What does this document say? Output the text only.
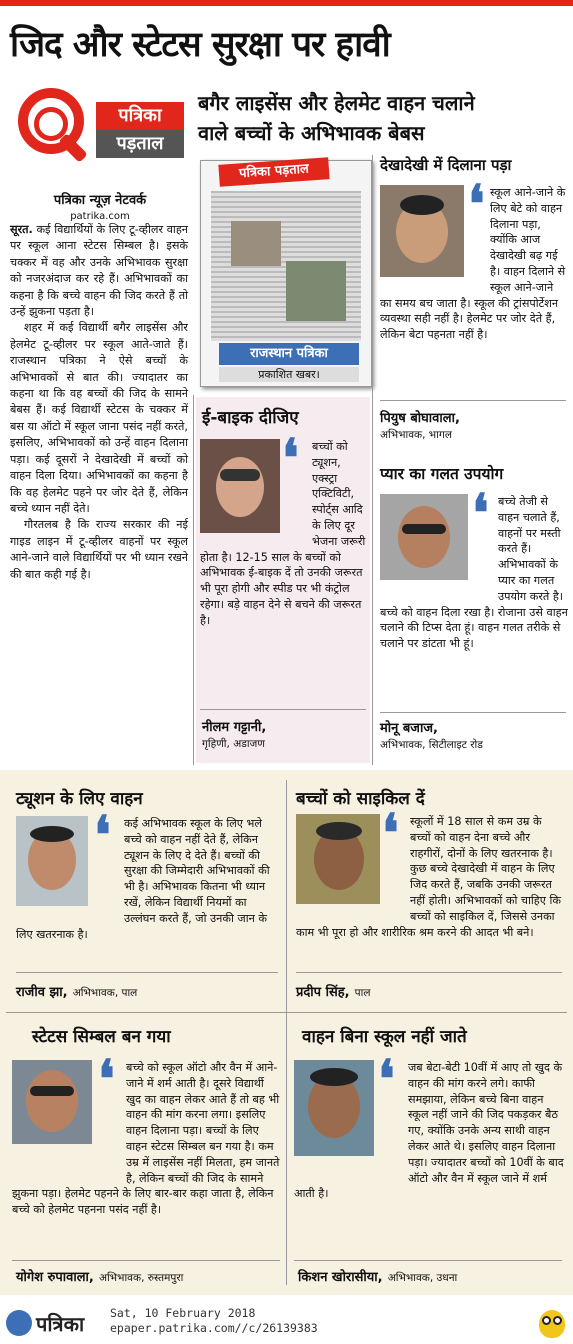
जिद और स्टेटस सुरक्षा पर हावी
पत्रिका
पड़ताल
बगैर लाइसेंस और हेलमेट वाहन चलाने
वाले बच्चों के अभिभावक बेबस
पत्रिका न्यूज़ नेटवर्क
patrika.com

सूरत. कई विद्यार्थियों के लिए टू-व्हीलर वाहन पर स्कूल आना स्टेटस सिम्बल है। इसके चक्कर में वह और उनके अभिभावक सुरक्षा को नजरअंदाज कर रहे हैं। अभिभावकों का कहना है कि बच्चे वाहन की जिद करते हैं तो उन्हें झुकना पड़ता है।

शहर में कई विद्यार्थी बगैर लाइसेंस और हेलमेट टू-व्हीलर पर स्कूल आते-जाते हैं। राजस्थान पत्रिका ने ऐसे बच्चों के अभिभावकों से बात की। ज्यादातर का कहना था कि वह बच्चों की जिद के सामने बेबस हैं। कई विद्यार्थी स्टेटस के चक्कर में बस या ऑटो में स्कूल जाना पसंद नहीं करते, इसलिए, अभिभावकों को उन्हें वाहन दिलाना पड़ा। कई दूसरों ने देखादेखी में बच्चों को वाहन दिला दिया। अभिभावकों का कहना है कि वह हेलमेट पहने पर जोर देते हैं, लेकिन बच्चे ध्यान नहीं देते।

गौरतलब है कि राज्य सरकार की नई गाइड लाइन में टू-व्हीलर वाहनों पर स्कूल आने-जाने वाले विद्यार्थियों पर भी ध्यान रखने की बात कही गई है।

पत्रिका पड़ताल
राजस्थान पत्रिका
प्रकाशित खबर।
देखादेखी में दिलाना पड़ा
❛ स्कूल आने-जाने के लिए बेटे को वाहन दिलाना पड़ा, क्योंकि आज देखादेखी बढ़ गई है। वाहन दिलाने से स्कूल आने-जाने का समय बच जाता है। स्कूल की ट्रांसपोर्टेशन व्यवस्था सही नहीं है। हेलमेट पर जोर देते हैं, लेकिन बेटा पहनता नहीं है।
पियुष बोघावाला,
अभिभावक, भागल
ई-बाइक दीजिए
❛	बच्चों को ट्यूशन, एक्स्ट्रा एक्टिविटी, स्पोर्ट्स आदि के लिए दूर भेजना जरूरी होता है। 12-15 साल के बच्चों को अभिभावक ई-बाइक दें तो उनकी जरूरत भी पूरा होगी और स्पीड पर भी कंट्रोल रहेगा। बड़े वाहन देने से बचने की जरूरत है।
नीलम गट्टानी,
गृहिणी, अडाजण
प्यार का गलत उपयोग
❛ बच्चे तेजी से वाहन चलाते हैं, वाहनों पर मस्ती करते हैं। अभिभावकों के प्यार का गलत उपयोग करते है। बच्चे को वाहन दिला रखा है। रोजाना उसे वाहन चलाने की टिप्स देता हूं। वाहन गलत तरीके से चलाने पर डांटता भी हूं।
मोनू बजाज,
अभिभावक, सिटीलाइट रोड
ट्यूशन के लिए वाहन
❛	कई अभिभावक स्कूल के लिए भले बच्चे को वाहन नहीं देते हैं, लेकिन ट्यूशन के लिए दे देते हैं। बच्चों की सुरक्षा की जिम्मेदारी अभिभावकों की भी है। अभिभावक कितना भी ध्यान रखें, लेकिन विद्यार्थी नियमों का उल्लंघन करते हैं, जो उनकी जान के लिए खतरनाक है।
राजीव झा, अभिभावक, पाल
बच्चों को साइकिल दें
❛	स्कूलों में 18 साल से कम उम्र के बच्चों को वाहन देना बच्चे और राहगीरों, दोनों के लिए खतरनाक है। कुछ बच्चे देखादेखी में वाहन के लिए जिद करते हैं, जबकि उनकी जरूरत नहीं होती। अभिभावकों को चाहिए कि बच्चों को साइकिल दें, जिससे उनका काम भी पूरा हो और शारीरिक श्रम करने की आदत भी बने।
प्रदीप सिंह, पाल
स्टेटस सिम्बल बन गया
❛	बच्चे को स्कूल ऑटो और वैन में आने-जाने में शर्म आती है। दूसरे विद्यार्थी खुद का वाहन लेकर आते हैं तो बह भी वाहन की मांग करना लगा। इसलिए वाहन दिलाना पड़ा। बच्चों के लिए वाहन स्टेटस सिम्बल बन गया है। कम उम्र में लाइसेंस नहीं मिलता, हम जानते है, लेकिन बच्चों की जिद के सामने झुकना पड़ा। हेलमेट पहनने के लिए बार-बार कहा जाता है, लेकिन बच्चे को हेलमेट पहनना पसंद नहीं है।
योगेश रुपावाला, अभिभावक, रुस्तमपुरा
वाहन बिना स्कूल नहीं जाते
❛	जब बेटा-बेटी 10वीं में आए तो खुद के वाहन की मांग करने लगे। काफी समझाया, लेकिन बच्चे बिना वाहन स्कूल नहीं जाने की जिद पकड़कर बैठ गए, क्योंकि उनके अन्य साथी वाहन लेकर आते थे। इसलिए वाहन दिलाना पड़ा। ज्यादातर बच्चों को 10वीं के बाद ऑटो और वैन में स्कूल जाने में शर्म आती है।
किशन खोरासीया, अभिभावक, उधना
पत्रिका Sat, 10 February 2018
epaper.patrika.com//c/26139383
